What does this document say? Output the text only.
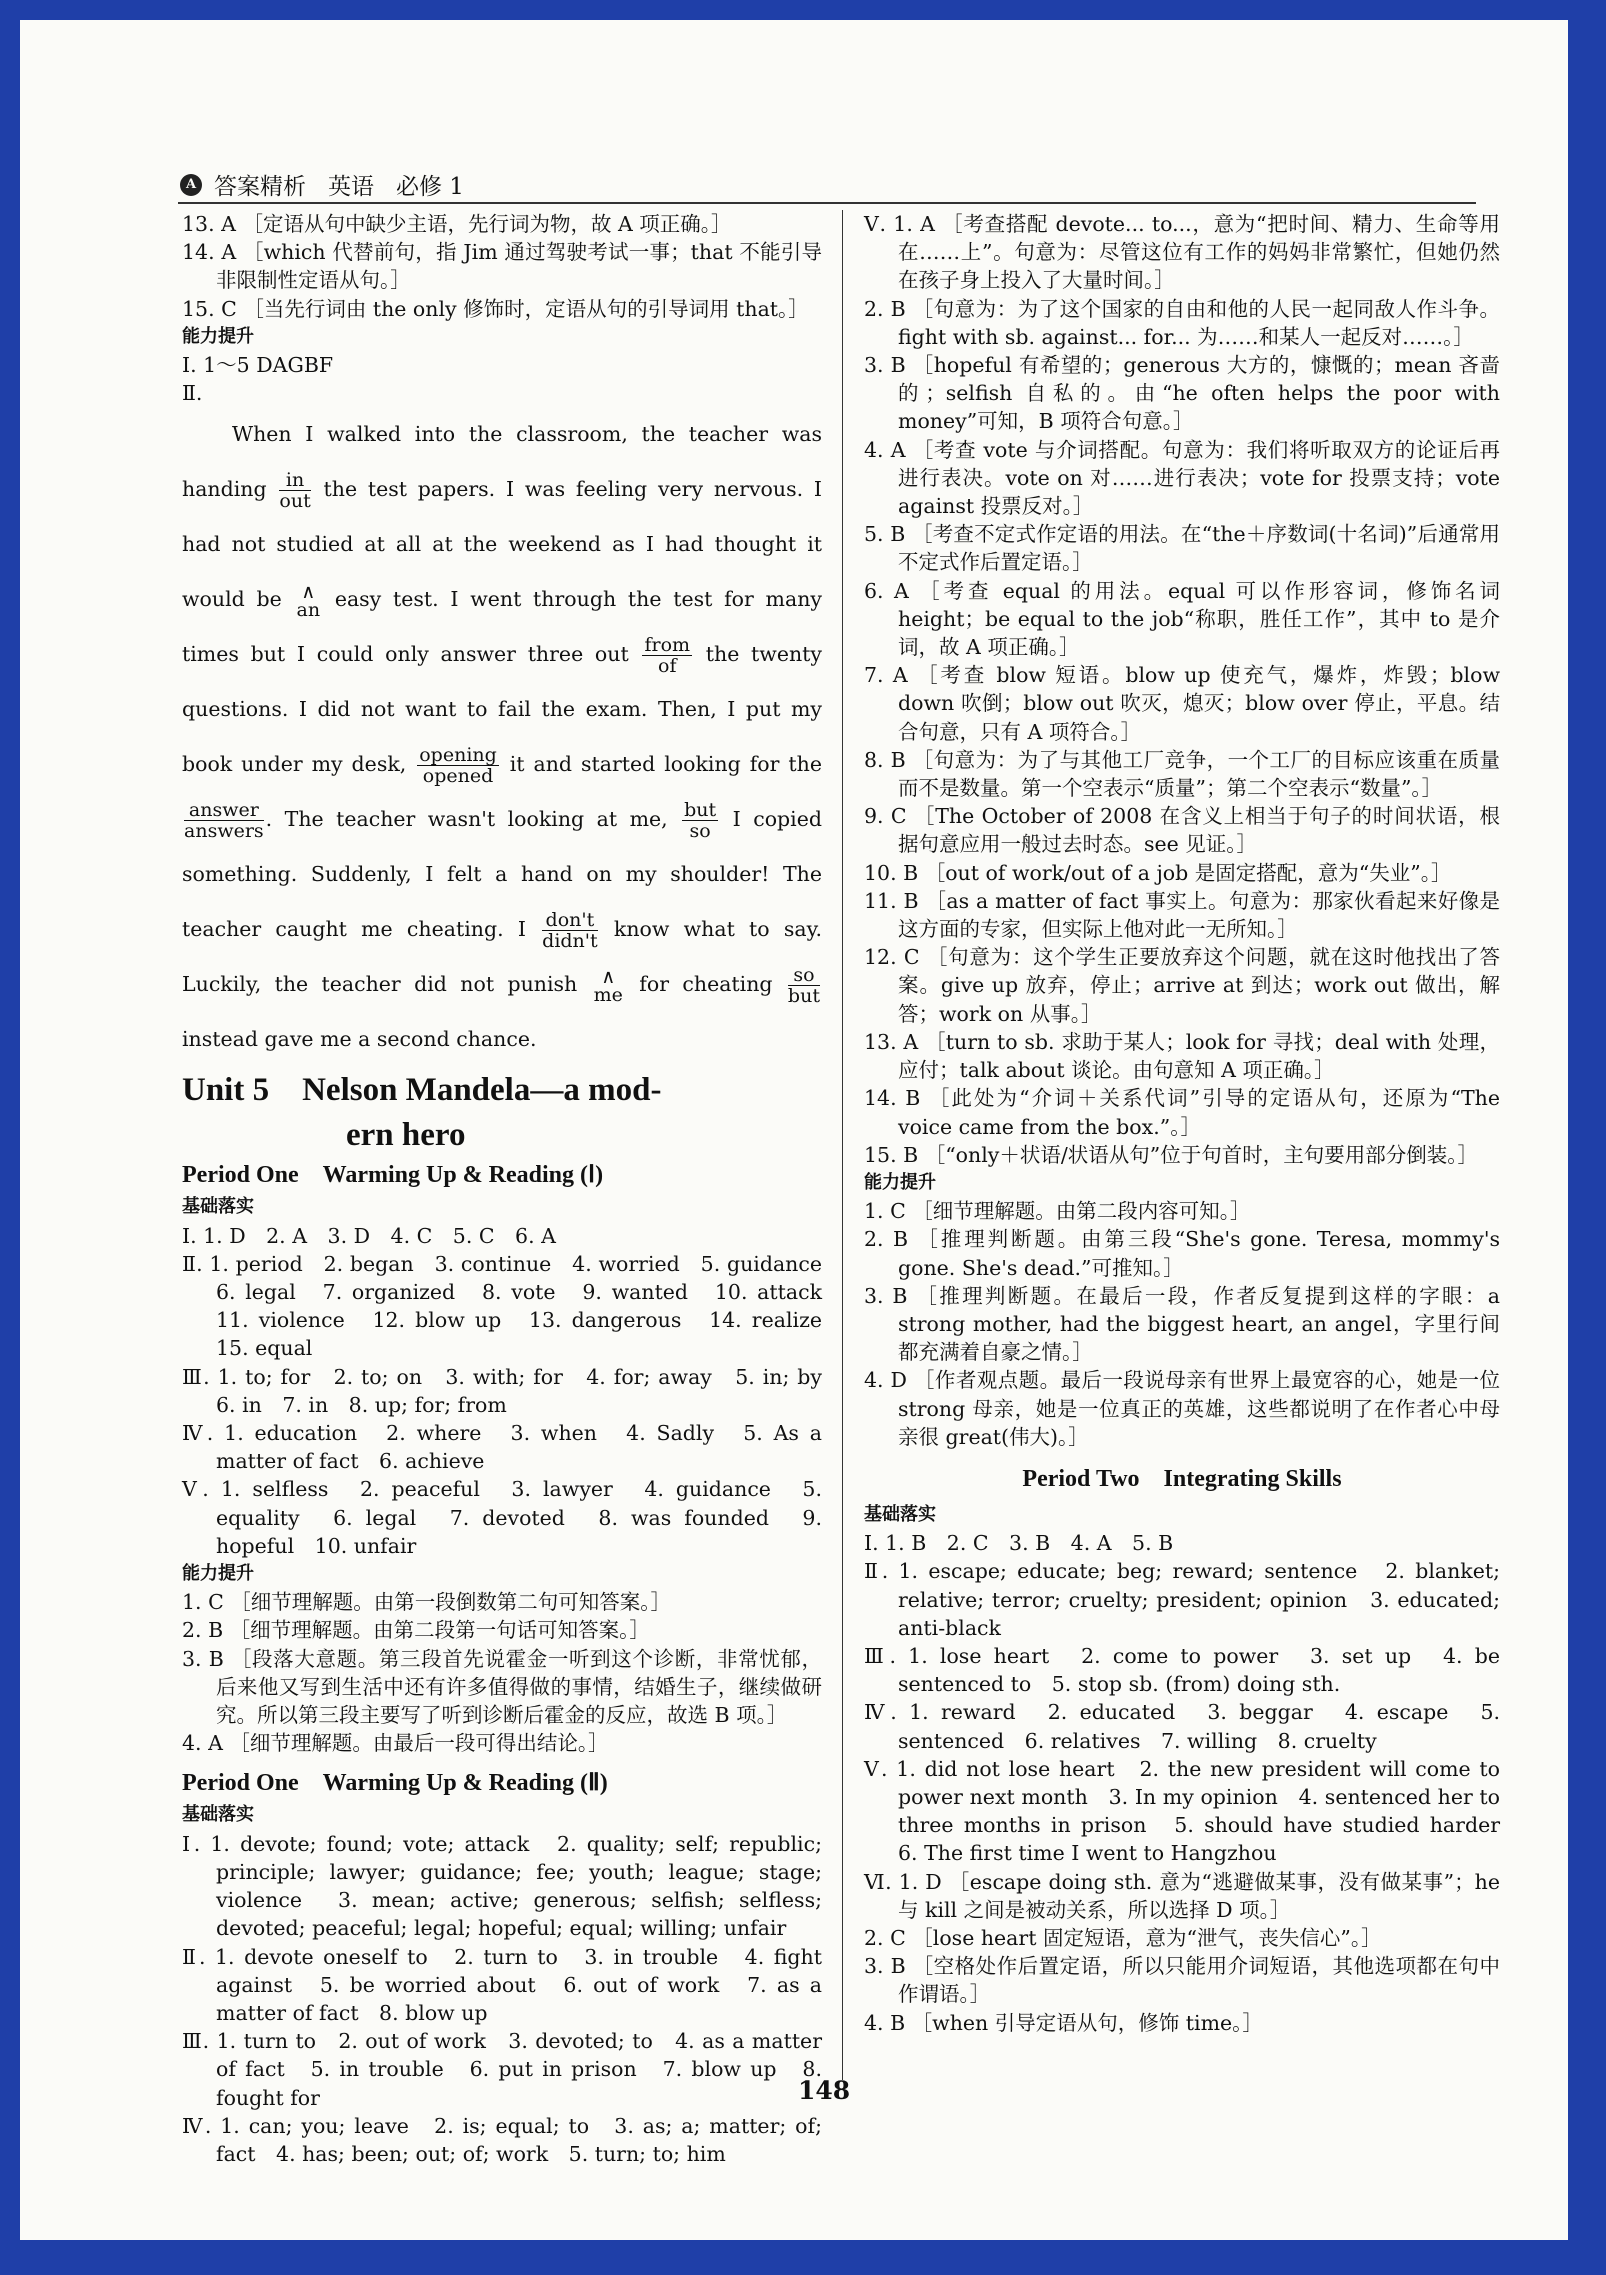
A 答案精析 英语 必修 1
13. A ［定语从句中缺少主语，先行词为物，故 A 项正确。］
14. A ［which 代替前句，指 Jim 通过驾驶考试一事；that 不能引导非限制性定语从句。］
15. C ［当先行词由 the only 修饰时，定语从句的引导词用 that。］
能力提升
Ⅰ. 1～5 DAGBF
Ⅱ.

When I walked into the classroom, the teacher was handing	in
out the test papers. I was feeling very nervous. I had not studied at all at the weekend as I had thought it would be ∧
an easy test. I went through the test for many times but I could only answer three out from
of	the twenty questions. I did not want to fail the exam. Then, I put my book under my desk, opening
opened it and started looking for the
answer
answers . The teacher wasn't looking at me, but
so	I copied something. Suddenly, I felt a hand on my shoulder! The teacher caught me cheating. I don't
didn't know what to say. Luckily, the teacher did not punish	∧
me for cheating so
but
instead gave me a second chance.

Unit 5　Nelson Mandela—a mod-
ern hero
Period One　Warming Up & Reading (Ⅰ)
基础落实
Ⅰ. 1. D　2. A　3. D　4. C　5. C　6. A
Ⅱ. 1. period　2. began　3. continue　4. worried　5. guidance　6. legal　7. organized　8. vote　9. wanted　10. attack　11. violence　12. blow up　13. dangerous　14. realize　15. equal
Ⅲ. 1. to; for　2. to; on　3. with; for　4. for; away　5. in; by　6. in　7. in　8. up; for; from
Ⅳ. 1. education　2. where　3. when　4. Sadly　5. As a matter of fact　6. achieve
Ⅴ. 1. selfless　2. peaceful　3. lawyer　4. guidance　5. equality　6. legal　7. devoted　8. was founded　9. hopeful　10. unfair
能力提升
1. C ［细节理解题。由第一段倒数第二句可知答案。］
2. B ［细节理解题。由第二段第一句话可知答案。］
3. B ［段落大意题。第三段首先说霍金一听到这个诊断，非常忧郁，后来他又写到生活中还有许多值得做的事情，结婚生子，继续做研究。所以第三段主要写了听到诊断后霍金的反应，故选 B 项。］
4. A ［细节理解题。由最后一段可得出结论。］
Period One　Warming Up & Reading (Ⅱ)
基础落实
Ⅰ. 1. devote; found; vote; attack　2. quality; self; republic; principle; lawyer; guidance; fee; youth; league; stage; violence　3. mean; active; generous; selfish; selfless; devoted; peaceful; legal; hopeful; equal; willing; unfair
Ⅱ. 1. devote oneself to　2. turn to　3. in trouble　4. fight against　5. be worried about　6. out of work　7. as a matter of fact　8. blow up
Ⅲ. 1. turn to　2. out of work　3. devoted; to　4. as a matter of fact　5. in trouble　6. put in prison　7. blow up　8. fought for
Ⅳ. 1. can; you; leave　2. is; equal; to　3. as; a; matter; of; fact　4. has; been; out; of; work　5. turn; to; him
Ⅴ. 1. A ［考查搭配 devote... to...，意为“把时间、精力、生命等用在……上”。句意为：尽管这位有工作的妈妈非常繁忙，但她仍然在孩子身上投入了大量时间。］
2. B ［句意为：为了这个国家的自由和他的人民一起同敌人作斗争。fight with sb. against... for... 为……和某人一起反对……。］
3. B ［hopeful 有希望的；generous 大方的，慷慨的；mean 吝啬的；selfish 自私的。由“he often helps the poor with money”可知，B 项符合句意。］
4. A ［考查 vote 与介词搭配。句意为：我们将听取双方的论证后再进行表决。vote on 对……进行表决；vote for 投票支持；vote against 投票反对。］
5. B ［考查不定式作定语的用法。在“the＋序数词(十名词)”后通常用不定式作后置定语。］
6. A ［考查 equal 的用法。equal 可以作形容词，修饰名词 height；be equal to the job“称职，胜任工作”，其中 to 是介词，故 A 项正确。］
7. A ［考查 blow 短语。blow up 使充气，爆炸，炸毁；blow down 吹倒；blow out 吹灭，熄灭；blow over 停止，平息。结合句意，只有 A 项符合。］
8. B ［句意为：为了与其他工厂竞争，一个工厂的目标应该重在质量而不是数量。第一个空表示“质量”；第二个空表示“数量”。］
9. C ［The October of 2008 在含义上相当于句子的时间状语，根据句意应用一般过去时态。see 见证。］
10. B ［out of work/out of a job 是固定搭配，意为“失业”。］
11. B ［as a matter of fact 事实上。句意为：那家伙看起来好像是这方面的专家，但实际上他对此一无所知。］
12. C ［句意为：这个学生正要放弃这个问题，就在这时他找出了答案。give up 放弃，停止；arrive at 到达；work out 做出，解答；work on 从事。］
13. A ［turn to sb. 求助于某人；look for 寻找；deal with 处理，应付；talk about 谈论。由句意知 A 项正确。］
14. B ［此处为“介词＋关系代词”引导的定语从句，还原为“The voice came from the box.”。］
15. B ［“only＋状语/状语从句”位于句首时，主句要用部分倒装。］
能力提升
1. C ［细节理解题。由第二段内容可知。］
2. B ［推理判断题。由第三段“She's gone. Teresa, mommy's gone. She's dead.”可推知。］
3. B ［推理判断题。在最后一段，作者反复提到这样的字眼：a strong mother, had the biggest heart, an angel，字里行间都充满着自豪之情。］
4. D ［作者观点题。最后一段说母亲有世界上最宽容的心，她是一位 strong 母亲，她是一位真正的英雄，这些都说明了在作者心中母亲很 great(伟大)。］
Period Two　Integrating Skills
基础落实
Ⅰ. 1. B　2. C　3. B　4. A　5. B
Ⅱ. 1. escape; educate; beg; reward; sentence　2. blanket; relative; terror; cruelty; president; opinion　3. educated; anti-black
Ⅲ. 1. lose heart　2. come to power　3. set up　4. be sentenced to　5. stop sb. (from) doing sth.
Ⅳ. 1. reward　2. educated　3. beggar　4. escape　5. sentenced　6. relatives　7. willing　8. cruelty
Ⅴ. 1. did not lose heart　2. the new president will come to power next month　3. In my opinion　4. sentenced her to three months in prison　5. should have studied harder　6. The first time I went to Hangzhou
Ⅵ. 1. D ［escape doing sth. 意为“逃避做某事，没有做某事”；he 与 kill 之间是被动关系，所以选择 D 项。］
2. C ［lose heart 固定短语，意为“泄气，丧失信心”。］
3. B ［空格处作后置定语，所以只能用介词短语，其他选项都在句中作谓语。］
4. B ［when 引导定语从句，修饰 time。］
148
